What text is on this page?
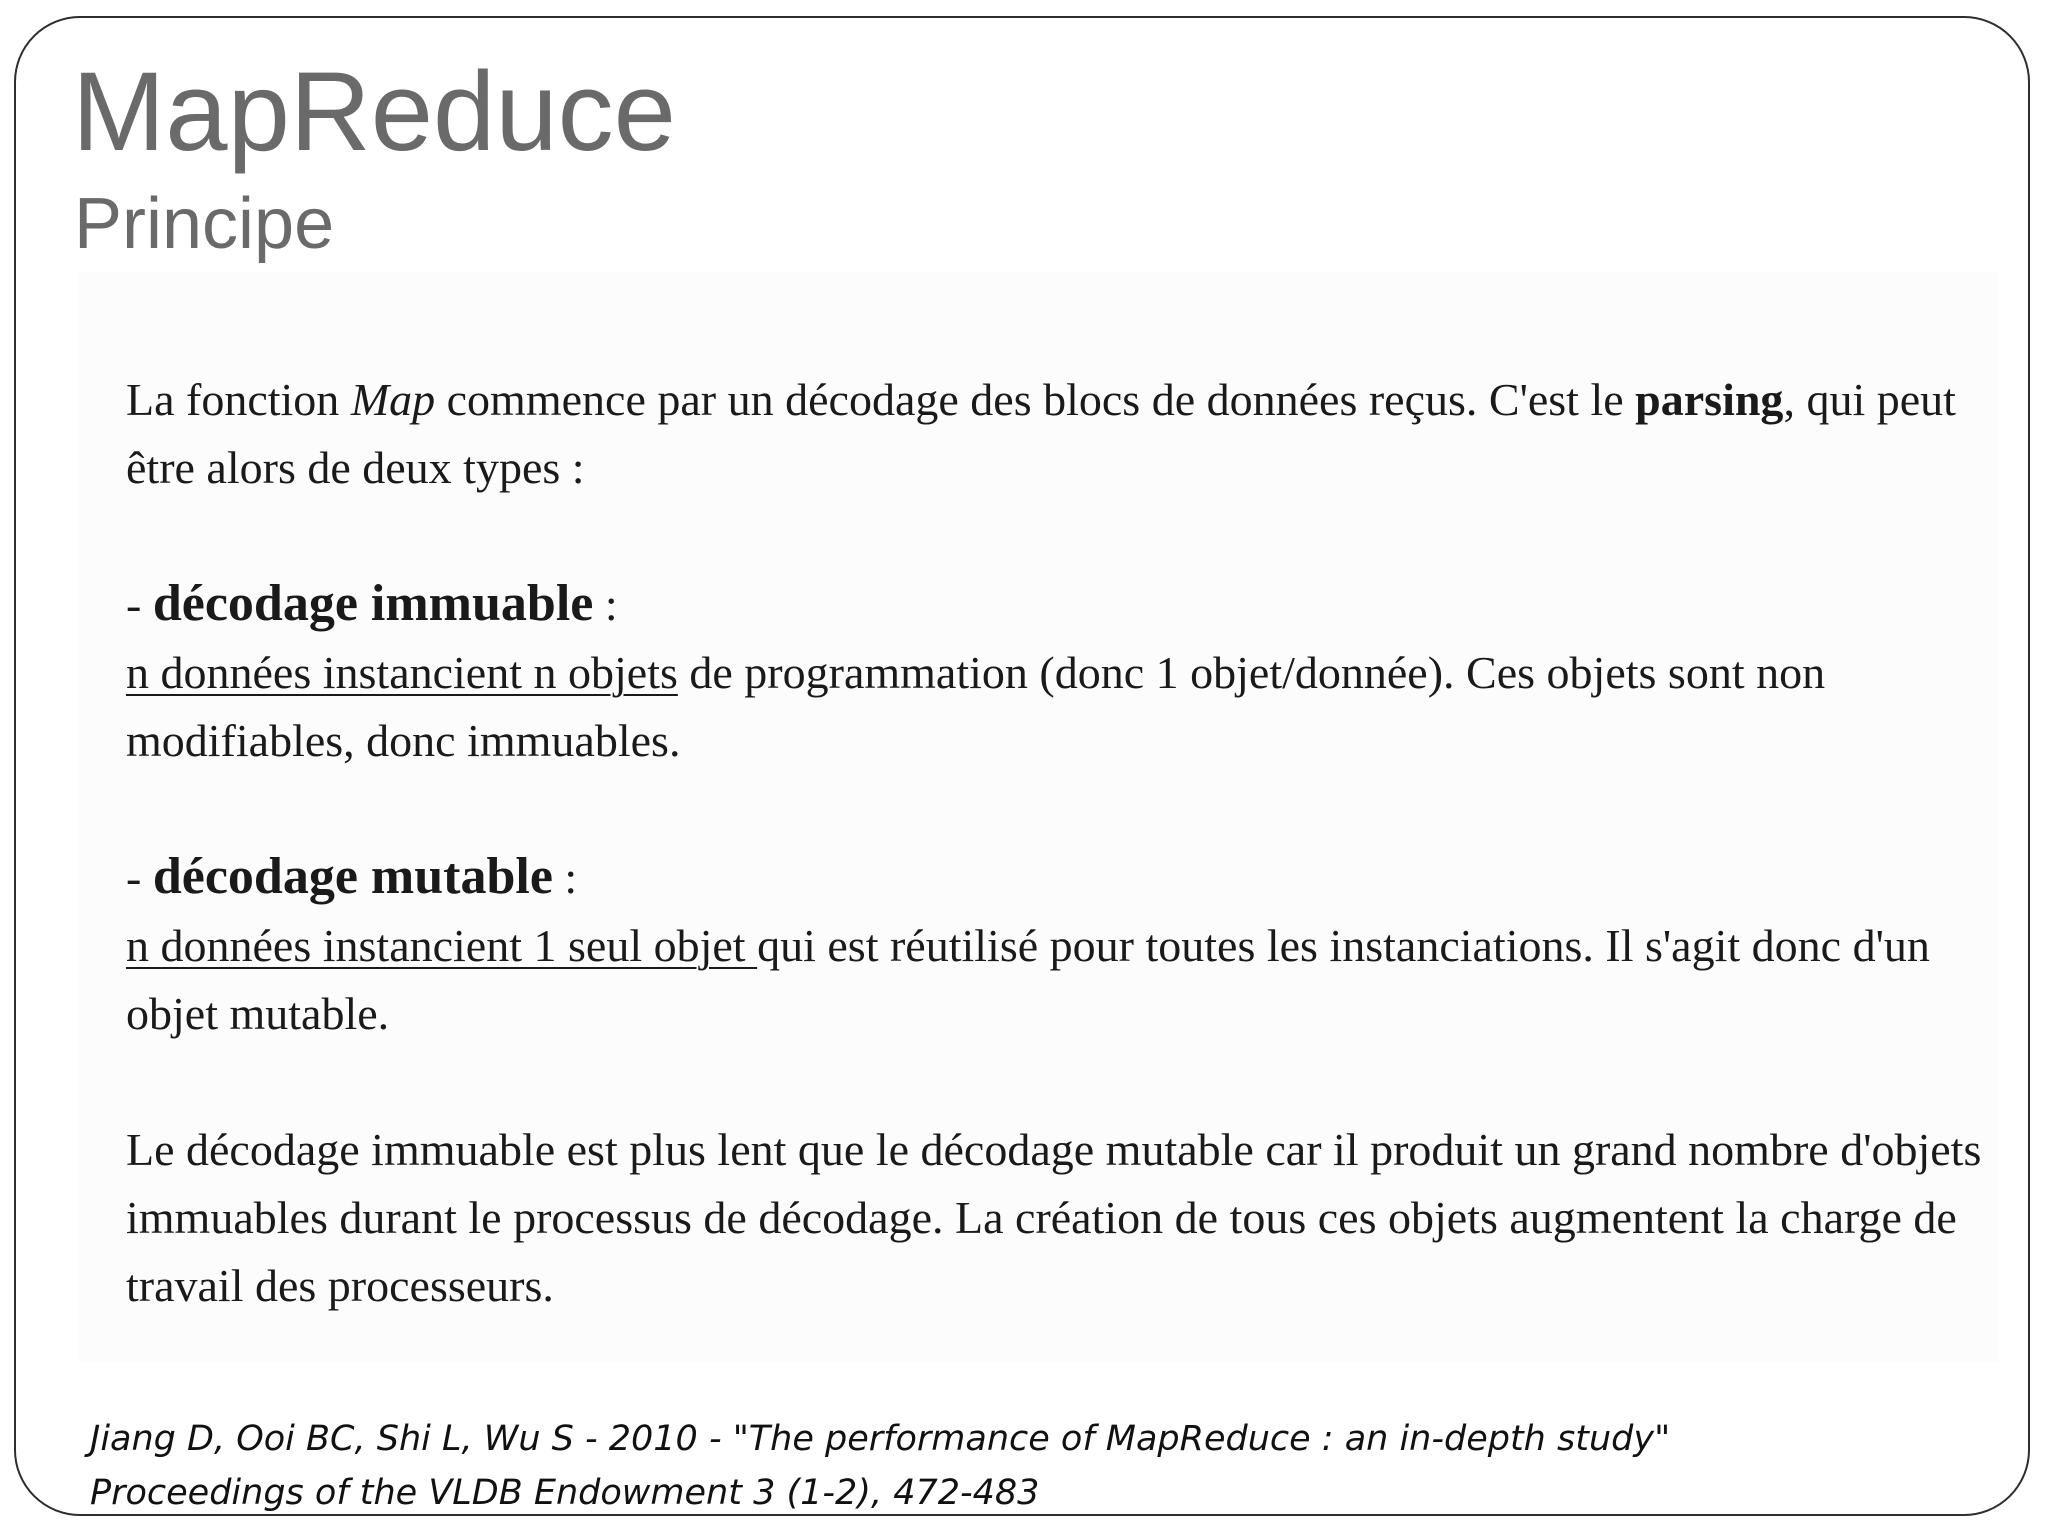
MapReduce
Principe

La fonction Map commence par un décodage des blocs de données reçus. C'est le parsing, qui peut être alors de deux types :

- décodage immuable :

n données instancient n objets de programmation (donc 1 objet/donnée). Ces objets sont non modifiables, donc immuables.

- décodage mutable :

n données instancient 1 seul objet qui est réutilisé pour toutes les instanciations. Il s'agit donc d'un objet mutable.

Le décodage immuable est plus lent que le décodage mutable car il produit un grand nombre d'objets immuables durant le processus de décodage. La création de tous ces objets augmentent la charge de travail des processeurs.

Jiang D, Ooi BC, Shi L, Wu S - 2010 - "The performance of MapReduce : an in-depth study"

Proceedings of the VLDB Endowment 3 (1-2), 472-483
